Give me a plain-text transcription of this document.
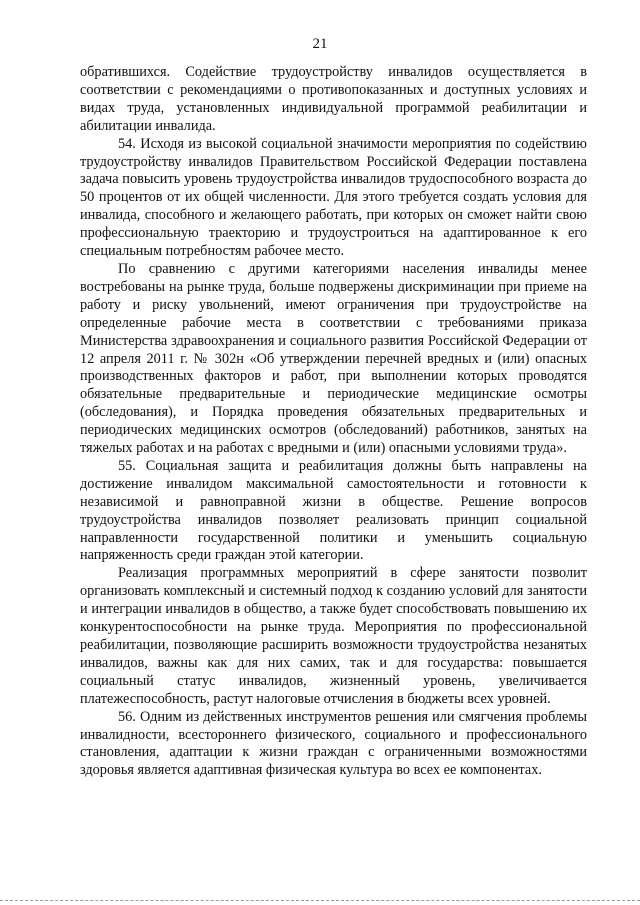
21

обратившихся. Содействие трудоустройству инвалидов осуществляется в соответствии с рекомендациями о противопоказанных и доступных условиях и видах труда, установленных индивидуальной программой реабилитации и абилитации инвалида.

54. Исходя из высокой социальной значимости мероприятия по содействию трудоустройству инвалидов Правительством Российской Федерации поставлена задача повысить уровень трудоустройства инвалидов трудоспособного возраста до 50 процентов от их общей численности. Для этого требуется создать условия для инвалида, способного и желающего работать, при которых он сможет найти свою профессиональную траекторию и трудоустроиться на адаптированное к его специальным потребностям рабочее место.

По сравнению с другими категориями населения инвалиды менее востребованы на рынке труда, больше подвержены дискриминации при приеме на работу и риску увольнений, имеют ограничения при трудоустройстве на определенные рабочие места в соответствии с требованиями приказа Министерства здравоохранения и социального развития Российской Федерации от 12 апреля 2011 г. № 302н «Об утверждении перечней вредных и (или) опасных производственных факторов и работ, при выполнении которых проводятся обязательные предварительные и периодические медицинские осмотры (обследования), и Порядка проведения обязательных предварительных и периодических медицинских осмотров (обследований) работников, занятых на тяжелых работах и на работах с вредными и (или) опасными условиями труда».

55. Социальная защита и реабилитация должны быть направлены на достижение инвалидом максимальной самостоятельности и готовности к независимой и равноправной жизни в обществе. Решение вопросов трудоустройства инвалидов позволяет реализовать принцип социальной направленности государственной политики и уменьшить социальную напряженность среди граждан этой категории.

Реализация программных мероприятий в сфере занятости позволит организовать комплексный и системный подход к созданию условий для занятости и интеграции инвалидов в общество, а также будет способствовать повышению их конкурентоспособности на рынке труда. Мероприятия по профессиональной реабилитации, позволяющие расширить возможности трудоустройства незанятых инвалидов, важны как для них самих, так и для государства: повышается социальный статус инвалидов, жизненный уровень, увеличивается платежеспособность, растут налоговые отчисления в бюджеты всех уровней.

56. Одним из действенных инструментов решения или смягчения проблемы инвалидности, всестороннего физического, социального и профессионального становления, адаптации к жизни граждан с ограниченными возможностями здоровья является адаптивная физическая культура во всех ее компонентах.
